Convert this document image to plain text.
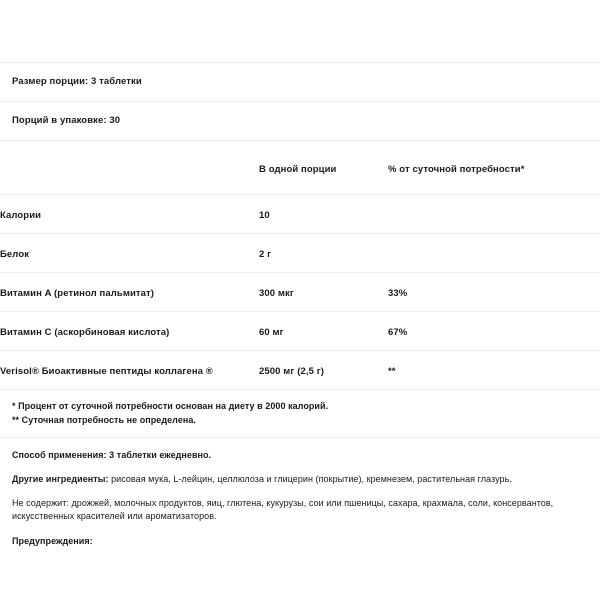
Размер порции: 3 таблетки
Порций в упаковке: 30
	В одной порции	% от суточной потребности*
Калории	10	
Белок	2 г	
Витамин A (ретинол пальмитат)	300 мкг	33%
Витамин C (аскорбиновая кислота)	60 мг	67%
Verisol® Биоактивные пептиды коллагена ®	2500 мг (2,5 г)	**
* Процент от суточной потребности основан на диету в 2000 калорий.
** Суточная потребность не определена.

Способ применения: 3 таблетки ежедневно.

Другие ингредиенты: рисовая мука, L-лейцин, целлюлоза и глицерин (покрытие), кремнезем, растительная глазурь.

Не содержит: дрожжей, молочных продуктов, яиц, глютена, кукурузы, сои или пшеницы, сахара, крахмала, соли, консервантов, искусственных красителей или ароматизаторов.

Предупреждения:
